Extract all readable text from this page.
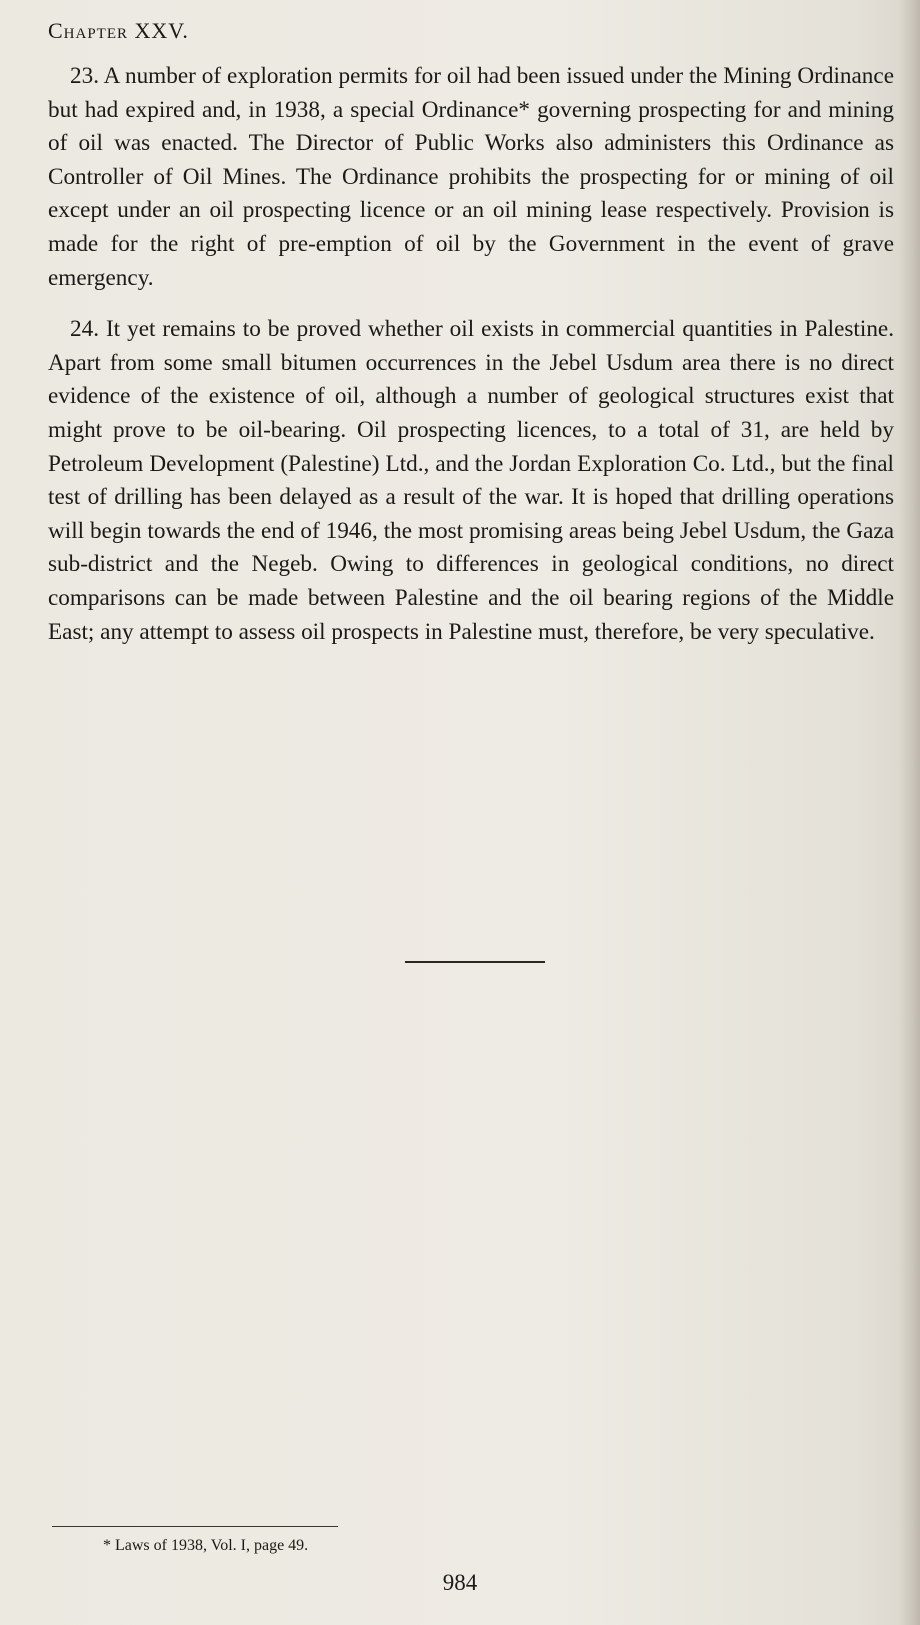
Chapter XXV.

23. A number of exploration permits for oil had been issued under the Mining Ordinance but had expired and, in 1938, a special Ordinance* governing prospecting for and mining of oil was enacted. The Director of Public Works also administers this Ordinance as Controller of Oil Mines. The Ordinance prohibits the prospecting for or mining of oil except under an oil prospecting licence or an oil mining lease respectively. Provision is made for the right of pre-emption of oil by the Government in the event of grave emergency.

24. It yet remains to be proved whether oil exists in commercial quantities in Palestine. Apart from some small bitumen occurrences in the Jebel Usdum area there is no direct evidence of the existence of oil, although a number of geological structures exist that might prove to be oil-bearing. Oil prospecting licences, to a total of 31, are held by Petroleum Development (Palestine) Ltd., and the Jordan Exploration Co. Ltd., but the final test of drilling has been delayed as a result of the war. It is hoped that drilling operations will begin towards the end of 1946, the most promising areas being Jebel Usdum, the Gaza sub-district and the Negeb. Owing to differences in geological conditions, no direct comparisons can be made between Palestine and the oil bearing regions of the Middle East; any attempt to assess oil prospects in Palestine must, therefore, be very speculative.

* Laws of 1938, Vol. I, page 49.

984
